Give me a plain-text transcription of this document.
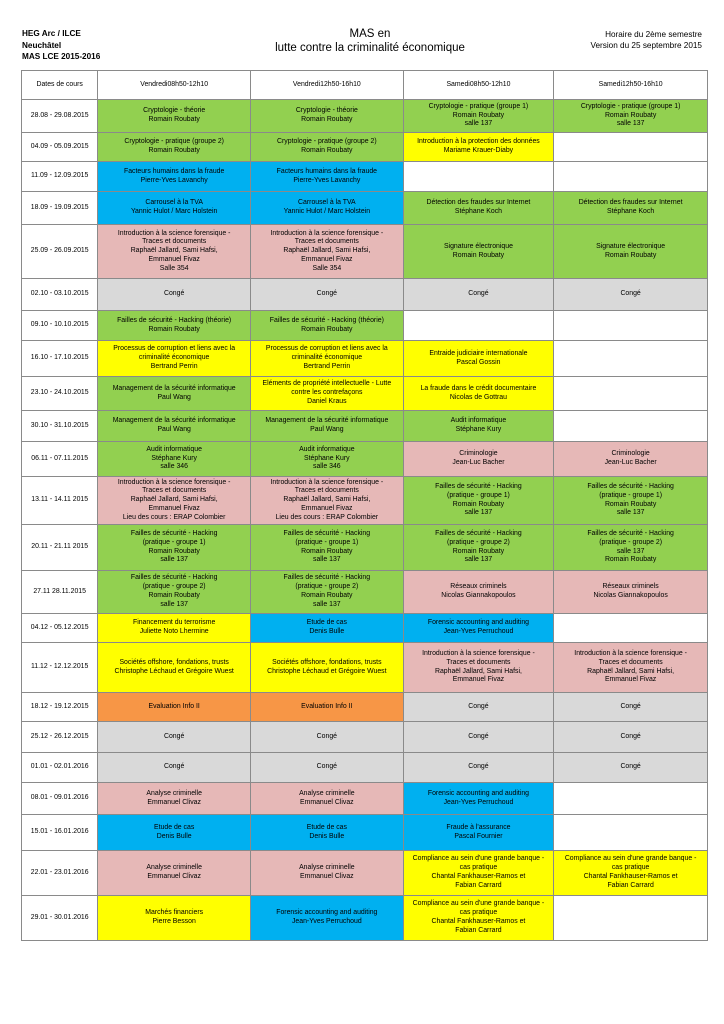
HEG Arc / ILCE
Neuchâtel
MAS LCE 2015-2016
MAS en
lutte contre la criminalité économique
Horaire du 2ème semestre
Version du 25 septembre 2015
Dates de cours	Vendredi08h50-12h10	Vendredi12h50-16h10	Samedi08h50-12h10	Samedi12h50-16h10
28.08 - 29.08.2015	Cryptologie - théorie
Romain Roubaty	Cryptologie - théorie
Romain Roubaty	Cryptologie - pratique (groupe 1)
Romain Roubaty
salle 137	Cryptologie - pratique (groupe 1)
Romain Roubaty
salle 137

04.09 - 05.09.2015	Cryptologie - pratique (groupe 2)
Romain Roubaty	Cryptologie - pratique (groupe 2)
Romain Roubaty	Introduction à la protection des données
Mariame Krauer-Diaby	

11.09 - 12.09.2015	Facteurs humains dans la fraude
Pierre-Yves Lavanchy	Facteurs humains dans la fraude
Pierre-Yves Lavanchy		

18.09 - 19.09.2015	Carrousel à la TVA
Yannic Hulot / Marc Holstein	Carrousel à la TVA
Yannic Hulot / Marc Holstein	Détection des fraudes sur Internet
Stéphane Koch	Détection des fraudes sur Internet
Stéphane Koch

25.09 - 26.09.2015	Introduction à la science forensique -
Traces et documents
Raphaël Jallard, Sami Hafsi,
Emmanuel Fivaz
Salle 354	Introduction à la science forensique -
Traces et documents
Raphaël Jallard, Sami Hafsi,
Emmanuel Fivaz
Salle 354	Signature électronique
Romain Roubaty	Signature électronique
Romain Roubaty

02.10 - 03.10.2015	Congé	Congé	Congé	Congé

09.10 - 10.10.2015	Failles de sécurité - Hacking (théorie)
Romain Roubaty	Failles de sécurité - Hacking (théorie)
Romain Roubaty		

16.10 - 17.10.2015	Processus de corruption et liens avec la
criminalité économique
Bertrand Perrin	Processus de corruption et liens avec la
criminalité économique
Bertrand Perrin	Entraide judiciaire internationale
Pascal Gossin	

23.10 - 24.10.2015	Management de la sécurité informatique
Paul Wang	Eléments de propriété intellectuelle - Lutte
contre les contrefaçons
Daniel Kraus	La fraude dans le crédit documentaire
Nicolas de Gottrau	

30.10 - 31.10.2015	Management de la sécurité informatique
Paul Wang	Management de la sécurité informatique
Paul Wang	Audit informatique
Stéphane Kury	

06.11 - 07.11.2015	Audit informatique
Stéphane Kury
salle 346	Audit informatique
Stéphane Kury
salle 346	Criminologie
Jean-Luc Bacher	Criminologie
Jean-Luc Bacher

13.11 - 14.11 2015	Introduction à la science forensique -
Traces et documents
Raphaël Jallard, Sami Hafsi,
Emmanuel Fivaz
Lieu des cours : ERAP Colombier	Introduction à la science forensique -
Traces et documents
Raphaël Jallard, Sami Hafsi,
Emmanuel Fivaz
Lieu des cours : ERAP Colombier	Failles de sécurité - Hacking
(pratique - groupe 1)
Romain Roubaty
salle 137	Failles de sécurité - Hacking
(pratique - groupe 1)
Romain Roubaty
salle 137

20.11 - 21.11 2015	Failles de sécurité - Hacking
(pratique - groupe 1)
Romain Roubaty
salle 137	Failles de sécurité - Hacking
(pratique - groupe 1)
Romain Roubaty
salle 137	Failles de sécurité - Hacking
(pratique - groupe 2)
Romain Roubaty
salle 137	Failles de sécurité - Hacking
(pratique - groupe 2)
salle 137
Romain Roubaty

27.11 28.11.2015	Failles de sécurité - Hacking
(pratique - groupe 2)
Romain Roubaty
salle 137	Failles de sécurité - Hacking
(pratique - groupe 2)
Romain Roubaty
salle 137	Réseaux criminels
Nicolas Giannakopoulos	Réseaux criminels
Nicolas Giannakopoulos

04.12 - 05.12.2015	Financement du terrorisme
Juliette Noto Lhermine	Etude de cas
Denis Bulle	Forensic accounting and auditing
Jean-Yves Perruchoud	

11.12 - 12.12.2015	Sociétés offshore, fondations, trusts
Christophe Léchaud et Grégoire Wuest	Sociétés offshore, fondations, trusts
Christophe Léchaud et Grégoire Wuest	Introduction à la science forensique -
Traces et documents
Raphaël Jallard, Sami Hafsi,
Emmanuel Fivaz	Introduction à la science forensique -
Traces et documents
Raphaël Jallard, Sami Hafsi,
Emmanuel Fivaz

18.12 - 19.12.2015	Evaluation Info II	Evaluation Info II	Congé	Congé

25.12 - 26.12.2015	Congé	Congé	Congé	Congé

01.01 - 02.01.2016	Congé	Congé	Congé	Congé

08.01 - 09.01.2016	Analyse criminelle
Emmanuel Clivaz	Analyse criminelle
Emmanuel Clivaz	Forensic accounting and auditing
Jean-Yves Perruchoud	

15.01 - 16.01.2016	Etude de cas
Denis Bulle	Etude de cas
Denis Bulle	Fraude à l'assurance
Pascal Fournier	

22.01 - 23.01.2016	Analyse criminelle
Emmanuel Clivaz	Analyse criminelle
Emmanuel Clivaz	Compliance au sein d'une grande banque -
cas pratique
Chantal Fankhauser-Ramos et
Fabian Carrard	Compliance au sein d'une grande banque -
cas pratique
Chantal Fankhauser-Ramos et
Fabian Carrard

29.01 - 30.01.2016	Marchés financiers
Pierre Besson	Forensic accounting and auditing
Jean-Yves Perruchoud	Compliance au sein d'une grande banque -
cas pratique
Chantal Fankhauser-Ramos et
Fabian Carrard	
